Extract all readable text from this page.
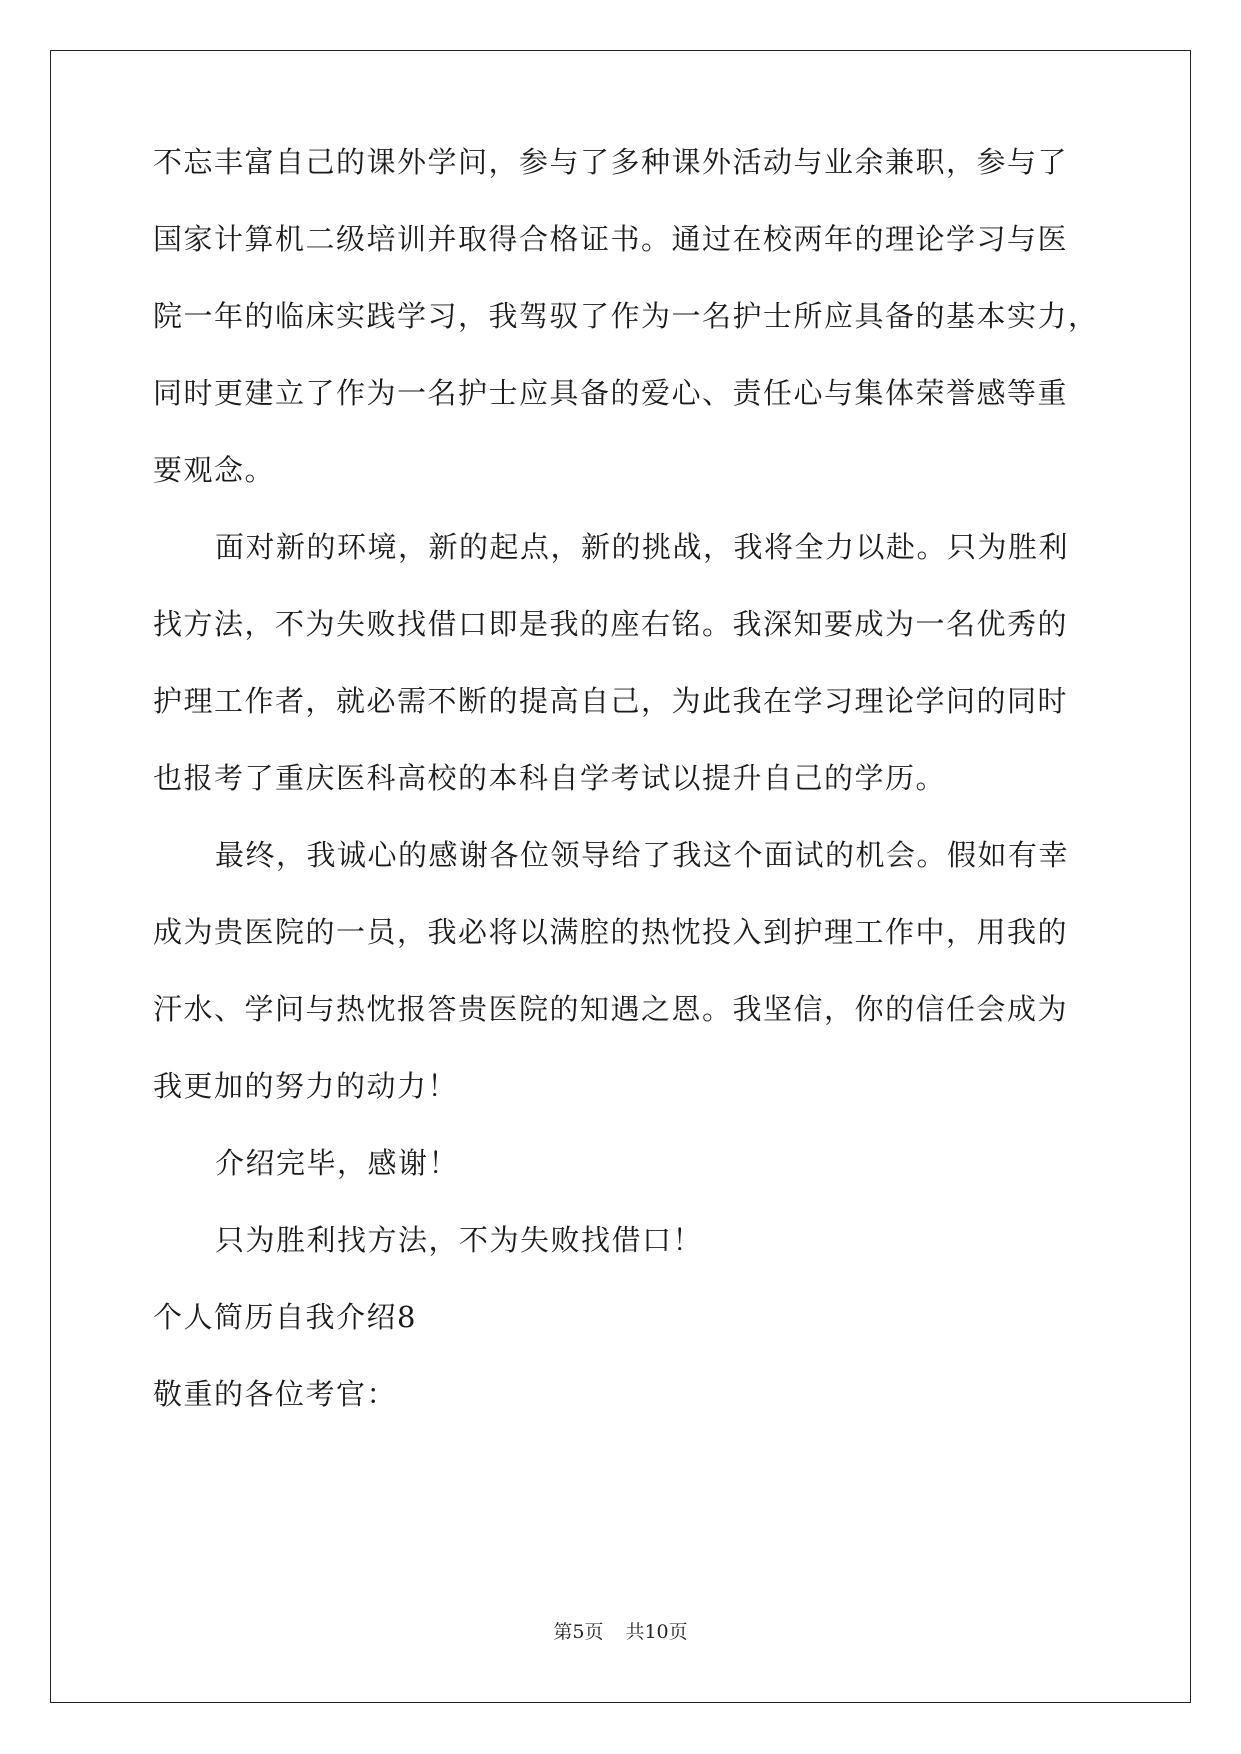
不忘丰富自己的课外学问，参与了多种课外活动与业余兼职，参与了
国家计算机二级培训并取得合格证书。通过在校两年的理论学习与医
院一年的临床实践学习，我驾驭了作为一名护士所应具备的基本实力，
同时更建立了作为一名护士应具备的爱心、责任心与集体荣誉感等重
要观念。
面对新的环境，新的起点，新的挑战，我将全力以赴。只为胜利
找方法，不为失败找借口即是我的座右铭。我深知要成为一名优秀的
护理工作者，就必需不断的提高自己，为此我在学习理论学问的同时
也报考了重庆医科高校的本科自学考试以提升自己的学历。
最终，我诚心的感谢各位领导给了我这个面试的机会。假如有幸
成为贵医院的一员，我必将以满腔的热忱投入到护理工作中，用我的
汗水、学问与热忱报答贵医院的知遇之恩。我坚信，你的信任会成为
我更加的努力的动力！
介绍完毕，感谢！
只为胜利找方法，不为失败找借口！
个人简历自我介绍8
敬重的各位考官：
第5页 共10页
